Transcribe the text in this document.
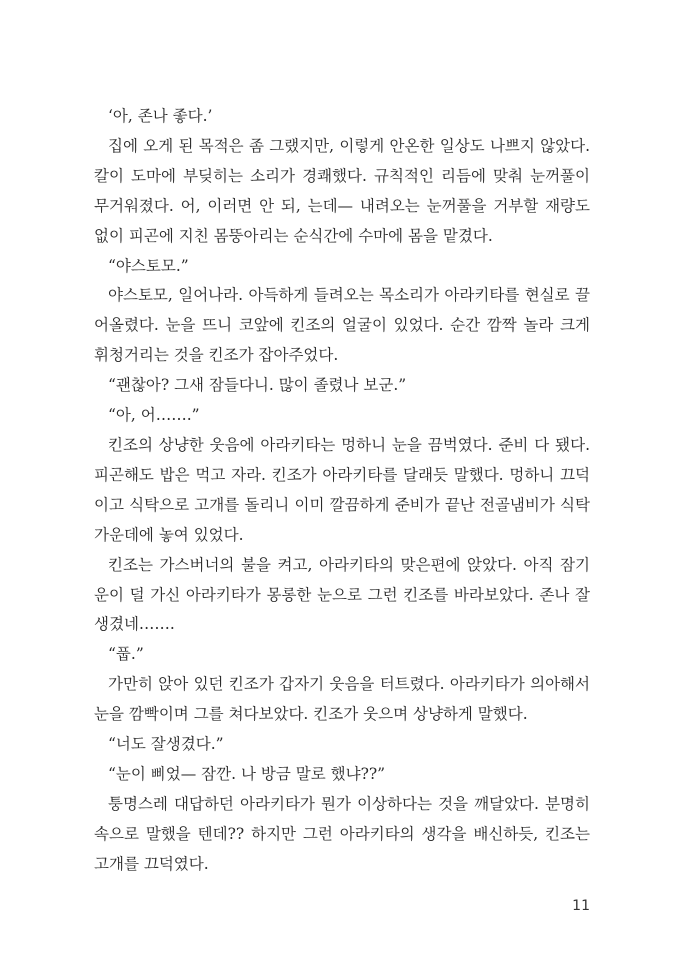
‘아, 존나 좋다.’

집에 오게 된 목적은 좀 그랬지만, 이렇게 안온한 일상도 나쁘지 않았다. 칼이 도마에 부딪히는 소리가 경쾌했다. 규칙적인 리듬에 맞춰 눈꺼풀이 무거워졌다. 어, 이러면 안 되, 는데— 내려오는 눈꺼풀을 거부할 재량도 없이 피곤에 지친 몸뚱아리는 순식간에 수마에 몸을 맡겼다.

“야스토모.”

야스토모, 일어나라. 아득하게 들려오는 목소리가 아라키타를 현실로 끌어올렸다. 눈을 뜨니 코앞에 킨조의 얼굴이 있었다. 순간 깜짝 놀라 크게 휘청거리는 것을 킨조가 잡아주었다.

“괜찮아? 그새 잠들다니. 많이 졸렸나 보군.”

“아, 어…….”

킨조의 상냥한 웃음에 아라키타는 멍하니 눈을 끔벅였다. 준비 다 됐다. 피곤해도 밥은 먹고 자라. 킨조가 아라키타를 달래듯 말했다. 멍하니 끄덕이고 식탁으로 고개를 돌리니 이미 깔끔하게 준비가 끝난 전골냄비가 식탁 가운데에 놓여 있었다.

킨조는 가스버너의 불을 켜고, 아라키타의 맞은편에 앉았다. 아직 잠기운이 덜 가신 아라키타가 몽롱한 눈으로 그런 킨조를 바라보았다. 존나 잘생겼네…….

“풉.”

가만히 앉아 있던 킨조가 갑자기 웃음을 터트렸다. 아라키타가 의아해서 눈을 깜빡이며 그를 쳐다보았다. 킨조가 웃으며 상냥하게 말했다.

“너도 잘생겼다.”

“눈이 삐었— 잠깐. 나 방금 말로 했냐??”

퉁명스레 대답하던 아라키타가 뭔가 이상하다는 것을 깨달았다. 분명히 속으로 말했을 텐데?? 하지만 그런 아라키타의 생각을 배신하듯, 킨조는 고개를 끄덕였다.

11
